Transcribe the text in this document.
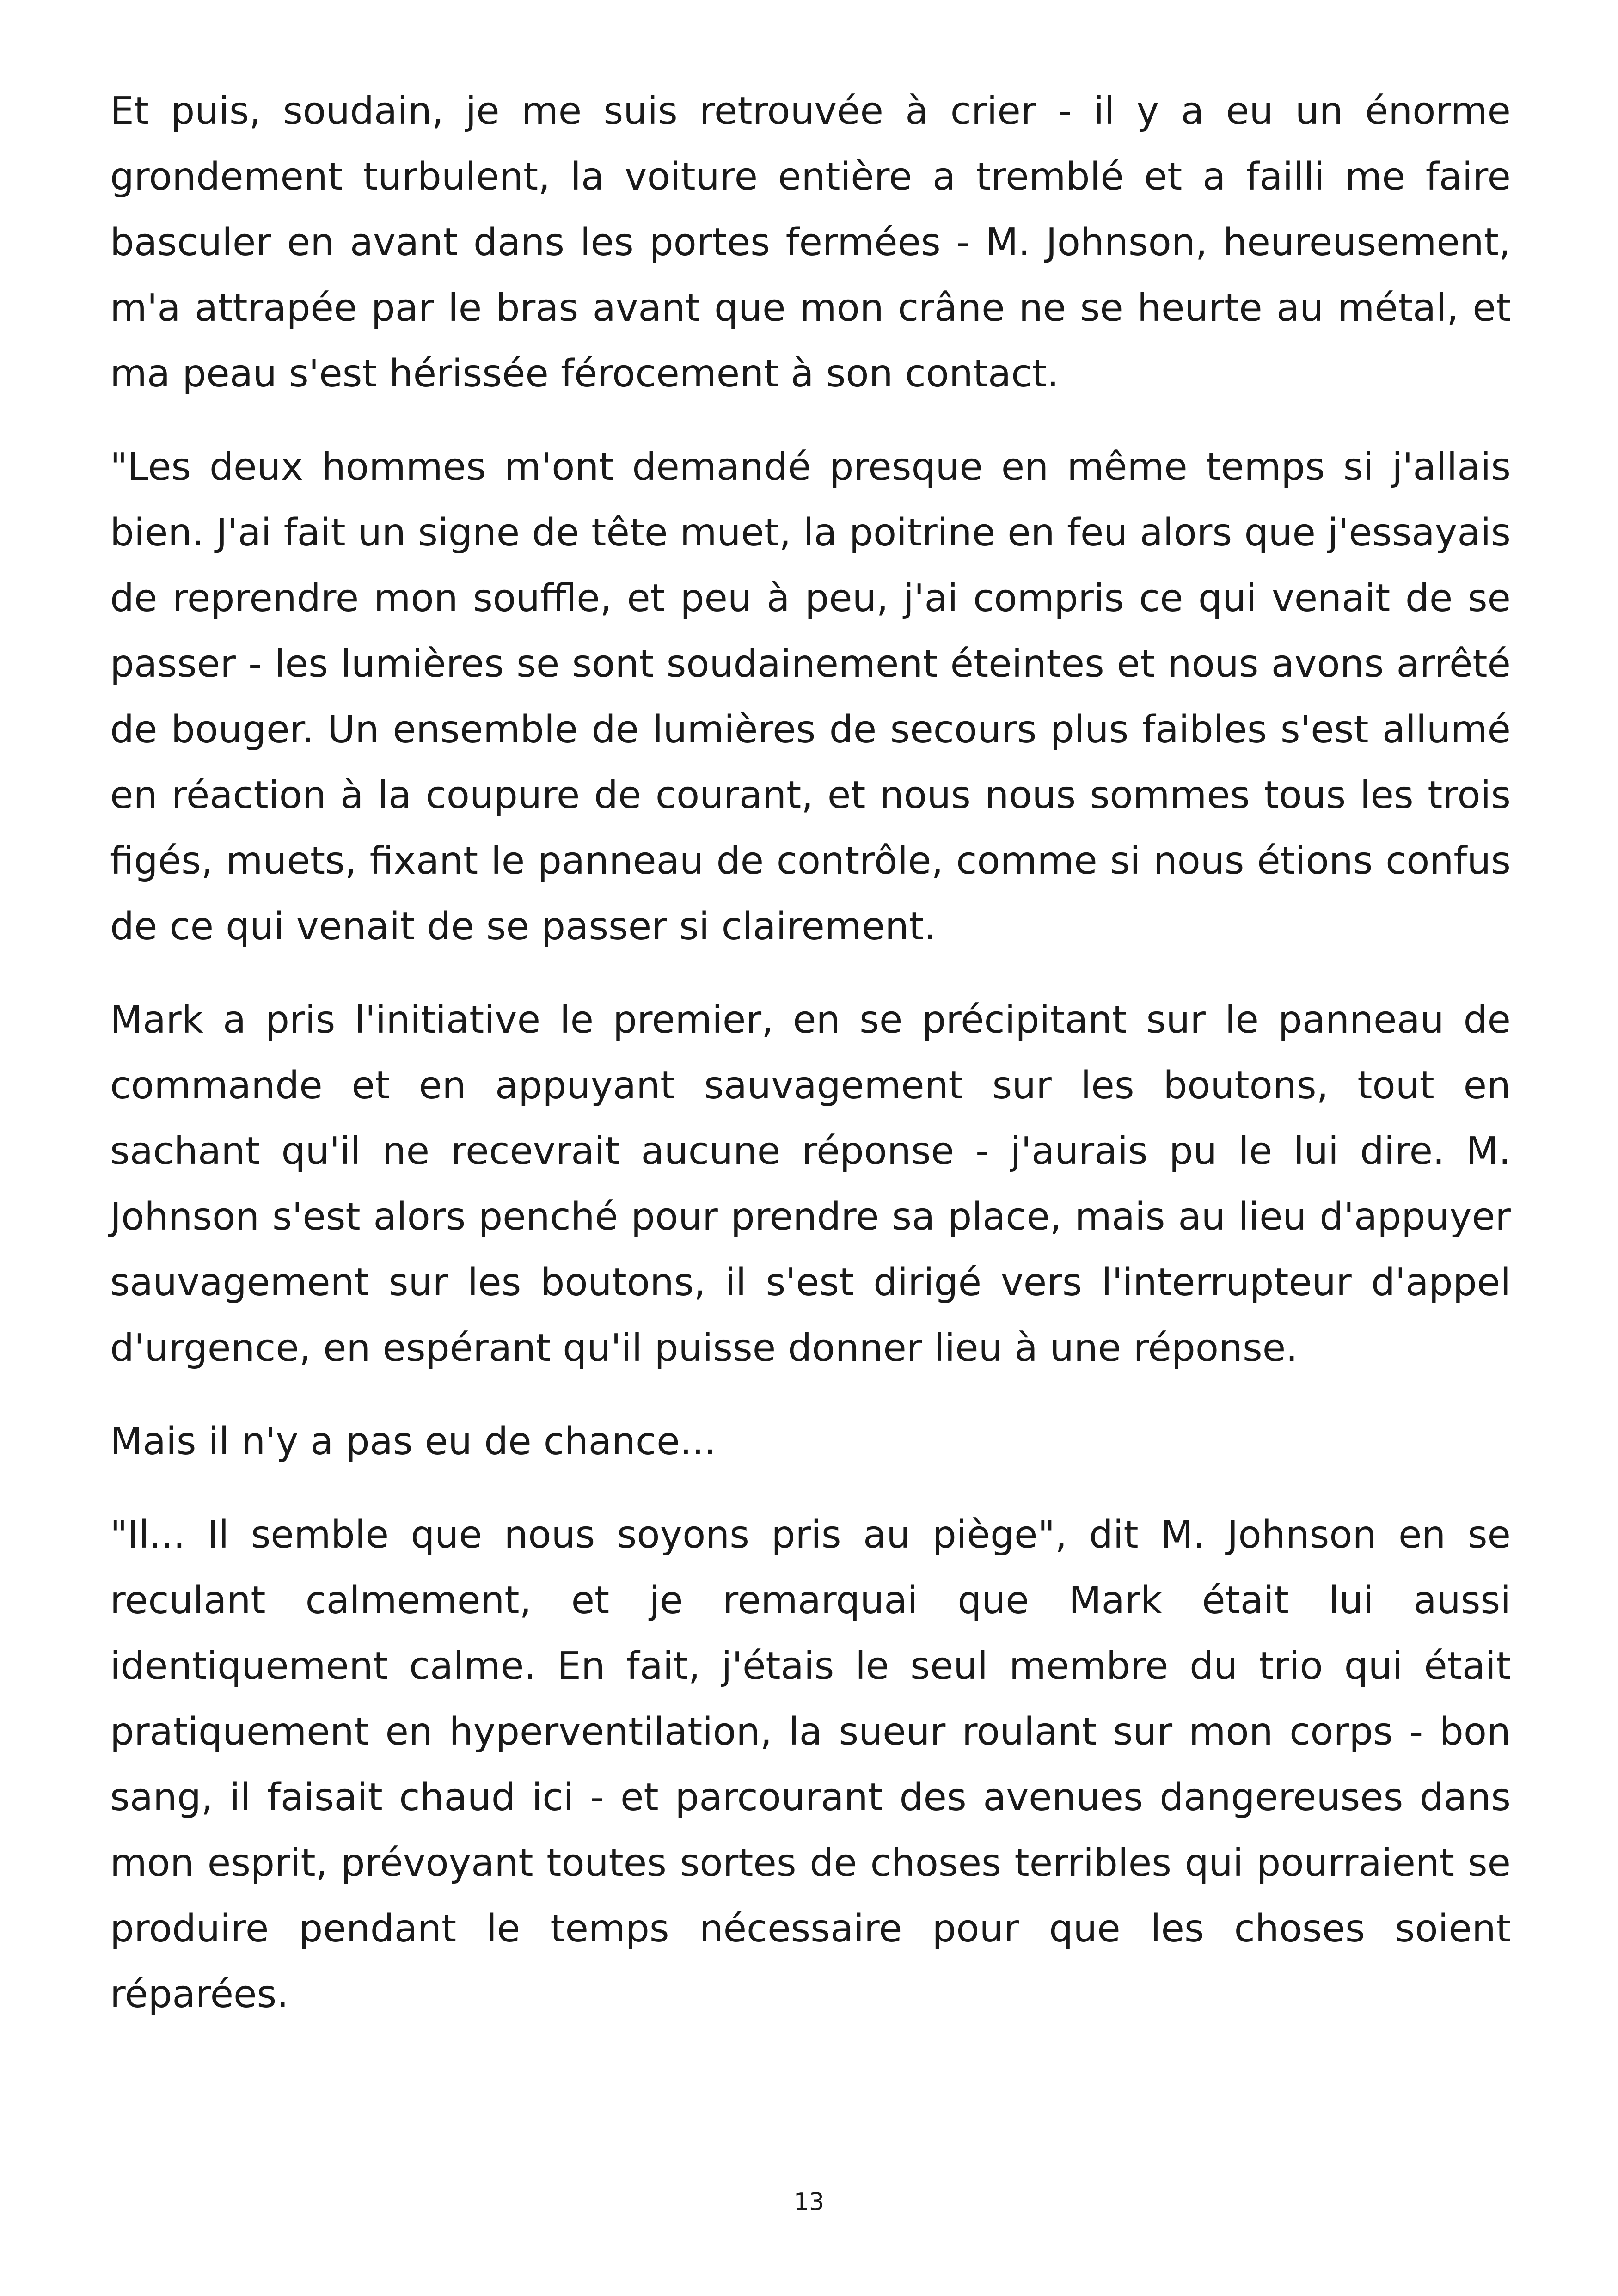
Et puis, soudain, je me suis retrouvée à crier - il y a eu un énorme grondement turbulent, la voiture entière a tremblé et a failli me faire basculer en avant dans les portes fermées - M. Johnson, heureusement, m'a attrapée par le bras avant que mon crâne ne se heurte au métal, et ma peau s'est hérissée férocement à son contact.

"Les deux hommes m'ont demandé presque en même temps si j'allais bien. J'ai fait un signe de tête muet, la poitrine en feu alors que j'essayais de reprendre mon souffle, et peu à peu, j'ai compris ce qui venait de se passer - les lumières se sont soudainement éteintes et nous avons arrêté de bouger. Un ensemble de lumières de secours plus faibles s'est allumé en réaction à la coupure de courant, et nous nous sommes tous les trois figés, muets, fixant le panneau de contrôle, comme si nous étions confus de ce qui venait de se passer si clairement.

Mark a pris l'initiative le premier, en se précipitant sur le panneau de commande et en appuyant sauvagement sur les boutons, tout en sachant qu'il ne recevrait aucune réponse - j'aurais pu le lui dire. M. Johnson s'est alors penché pour prendre sa place, mais au lieu d'appuyer sauvagement sur les boutons, il s'est dirigé vers l'interrupteur d'appel d'urgence, en espérant qu'il puisse donner lieu à une réponse.

Mais il n'y a pas eu de chance...

"Il... Il semble que nous soyons pris au piège", dit M. Johnson en se reculant calmement, et je remarquai que Mark était lui aussi identiquement calme. En fait, j'étais le seul membre du trio qui était pratiquement en hyperventilation, la sueur roulant sur mon corps - bon sang, il faisait chaud ici - et parcourant des avenues dangereuses dans mon esprit, prévoyant toutes sortes de choses terribles qui pourraient se produire pendant le temps nécessaire pour que les choses soient réparées.

13
